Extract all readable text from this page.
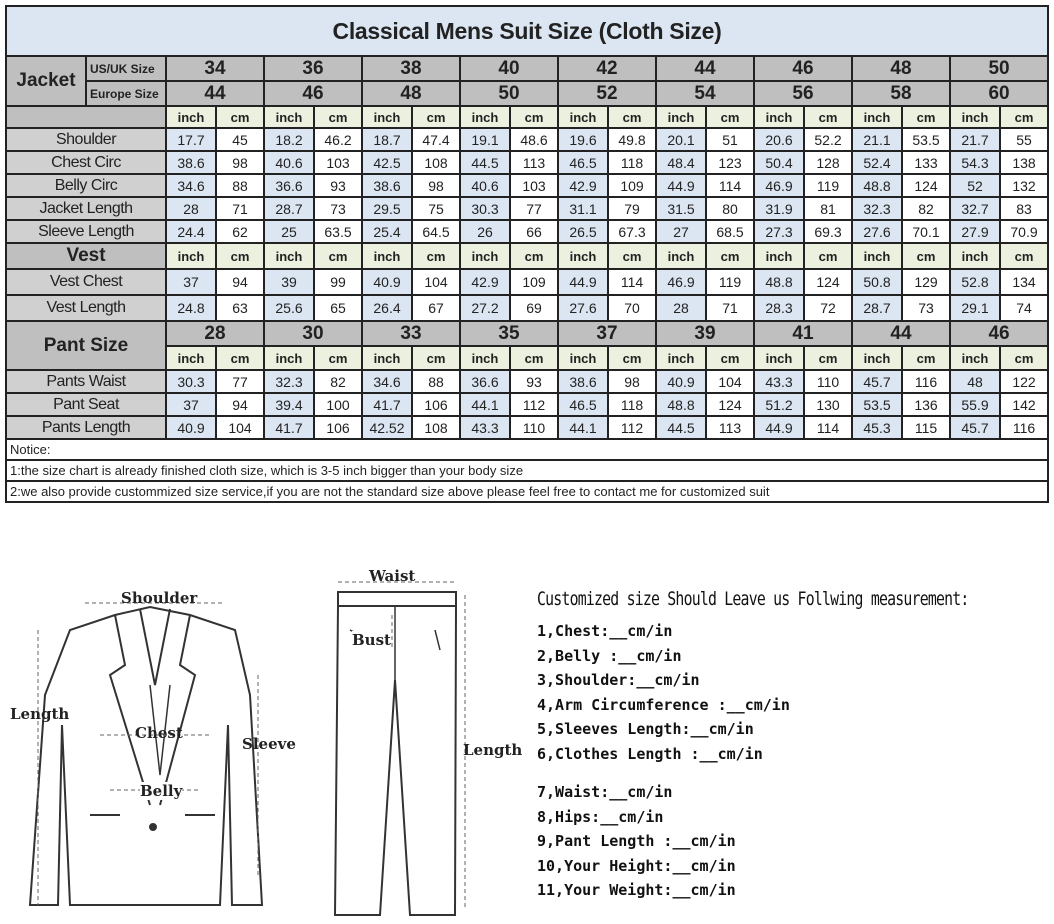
Classical Mens Suit Size (Cloth Size)																			
Jacket	US/UK Size	34		36		38		40		42		44		46		48		50	
	Europe Size	44		46		48		50		52		54		56		58		60	
		inch	cm	inch	cm	inch	cm	inch	cm	inch	cm	inch	cm	inch	cm	inch	cm	inch	cm
Shoulder		17.7	45	18.2	46.2	18.7	47.4	19.1	48.6	19.6	49.8	20.1	51	20.6	52.2	21.1	53.5	21.7	55
Chest Circ		38.6	98	40.6	103	42.5	108	44.5	113	46.5	118	48.4	123	50.4	128	52.4	133	54.3	138
Belly Circ		34.6	88	36.6	93	38.6	98	40.6	103	42.9	109	44.9	114	46.9	119	48.8	124	52	132
Jacket Length		28	71	28.7	73	29.5	75	30.3	77	31.1	79	31.5	80	31.9	81	32.3	82	32.7	83
Sleeve Length		24.4	62	25	63.5	25.4	64.5	26	66	26.5	67.3	27	68.5	27.3	69.3	27.6	70.1	27.9	70.9
Vest		inch	cm	inch	cm	inch	cm	inch	cm	inch	cm	inch	cm	inch	cm	inch	cm	inch	cm
Vest Chest		37	94	39	99	40.9	104	42.9	109	44.9	114	46.9	119	48.8	124	50.8	129	52.8	134
Vest Length		24.8	63	25.6	65	26.4	67	27.2	69	27.6	70	28	71	28.3	72	28.7	73	29.1	74
Pant Size		28		30		33		35		37		39		41		44		46	
		inch	cm	inch	cm	inch	cm	inch	cm	inch	cm	inch	cm	inch	cm	inch	cm	inch	cm
Pants Waist		30.3	77	32.3	82	34.6	88	36.6	93	38.6	98	40.9	104	43.3	110	45.7	116	48	122
Pant Seat		37	94	39.4	100	41.7	106	44.1	112	46.5	118	48.8	124	51.2	130	53.5	136	55.9	142
Pants Length		40.9	104	41.7	106	42.52	108	43.3	110	44.1	112	44.5	113	44.9	114	45.3	115	45.7	116
Notice:																			
1:the size chart is already finished cloth size, which is 3-5 inch bigger than your body size																			
2:we also provide custommized size service,if you are not the standard size above please feel free to contact me for customized suit																			
Shoulder
Length
Chest
Sleeve
Belly
Waist
Bust
Length
Customized size Should Leave us Follwing measurement:
1,Chest:__cm/in
2,Belly :__cm/in
3,Shoulder:__cm/in
4,Arm Circumference :__cm/in
5,Sleeves Length:__cm/in
6,Clothes Length :__cm/in
7,Waist:__cm/in
8,Hips:__cm/in
9,Pant Length :__cm/in
10,Your Height:__cm/in
11,Your Weight:__cm/in
